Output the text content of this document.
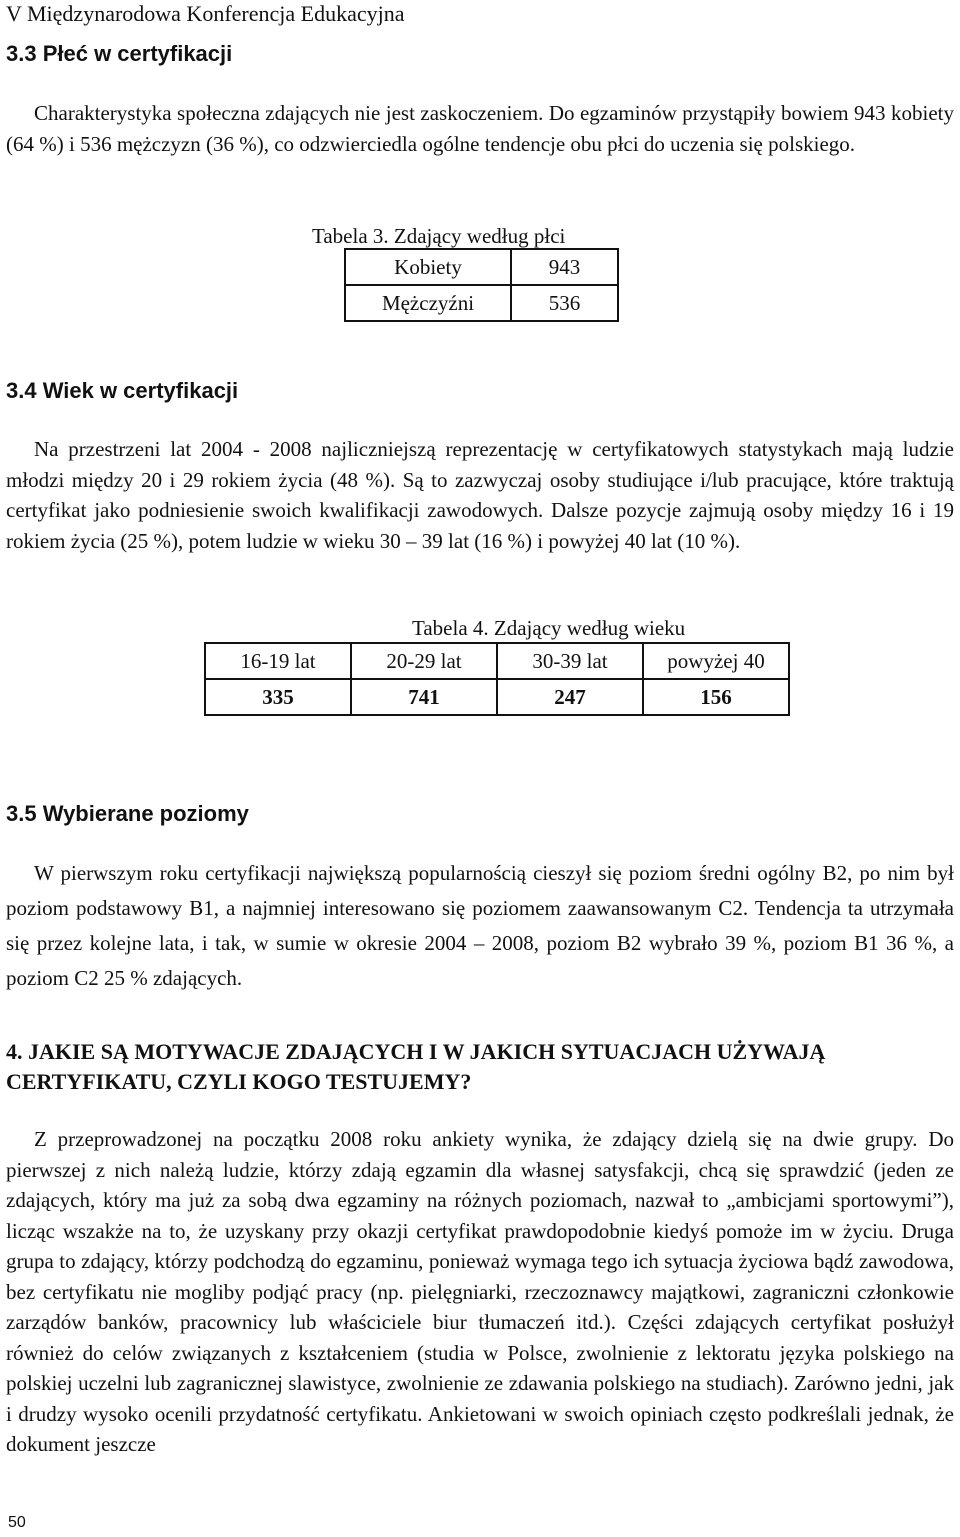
V Międzynarodowa Konferencja Edukacyjna
3.3 Płeć w certyfikacji

Charakterystyka społeczna zdających nie jest zaskoczeniem. Do egzaminów przystąpiły bowiem 943 kobiety (64 %) i 536 mężczyzn (36 %), co odzwierciedla ogólne tendencje obu płci do uczenia się polskiego.

Tabela 3. Zdający według płci
Kobiety	943
Mężczyźni	536
3.4 Wiek w certyfikacji

Na przestrzeni lat 2004 - 2008 najliczniejszą reprezentację w certyfikatowych statystykach mają ludzie młodzi między 20 i 29 rokiem życia (48 %). Są to zazwyczaj osoby studiujące i/lub pracujące, które traktują certyfikat jako podniesienie swoich kwalifikacji zawodowych. Dalsze pozycje zajmują osoby między 16 i 19 rokiem życia (25 %), potem ludzie w wieku 30 – 39 lat (16 %) i powyżej 40 lat (10 %).

Tabela 4. Zdający według wieku
16-19 lat	20-29 lat	30-39 lat	powyżej 40
335	741	247	156
3.5 Wybierane poziomy

W pierwszym roku certyfikacji największą popularnością cieszył się poziom średni ogólny B2, po nim był poziom podstawowy B1, a najmniej interesowano się poziomem zaawansowanym C2. Tendencja ta utrzymała się przez kolejne lata, i tak, w sumie w okresie 2004 – 2008, poziom B2 wybrało 39 %, poziom B1 36 %, a poziom C2 25 % zdających.

4. JAKIE SĄ MOTYWACJE ZDAJĄCYCH I W JAKICH SYTUACJACH UŻYWAJĄ CERTYFIKATU, CZYLI KOGO TESTUJEMY?

Z przeprowadzonej na początku 2008 roku ankiety wynika, że zdający dzielą się na dwie grupy. Do pierwszej z nich należą ludzie, którzy zdają egzamin dla własnej satysfakcji, chcą się sprawdzić (jeden ze zdających, który ma już za sobą dwa egzaminy na różnych poziomach, nazwał to „ambicjami sportowymi”), licząc wszakże na to, że uzyskany przy okazji certyfikat prawdopodobnie kiedyś pomoże im w życiu. Druga grupa to zdający, którzy podchodzą do egzaminu, ponieważ wymaga tego ich sytuacja życiowa bądź zawodowa, bez certyfikatu nie mogliby podjąć pracy (np. pielęgniarki, rzeczoznawcy majątkowi, zagraniczni członkowie zarządów banków, pracownicy lub właściciele biur tłumaczeń itd.). Części zdających certyfikat posłużył również do celów związanych z kształceniem (studia w Polsce, zwolnienie z lektoratu języka polskiego na polskiej uczelni lub zagranicznej slawistyce, zwolnienie ze zdawania polskiego na studiach). Zarówno jedni, jak i drudzy wysoko ocenili przydatność certyfikatu. Ankietowani w swoich opiniach często podkreślali jednak, że dokument jeszcze

50
